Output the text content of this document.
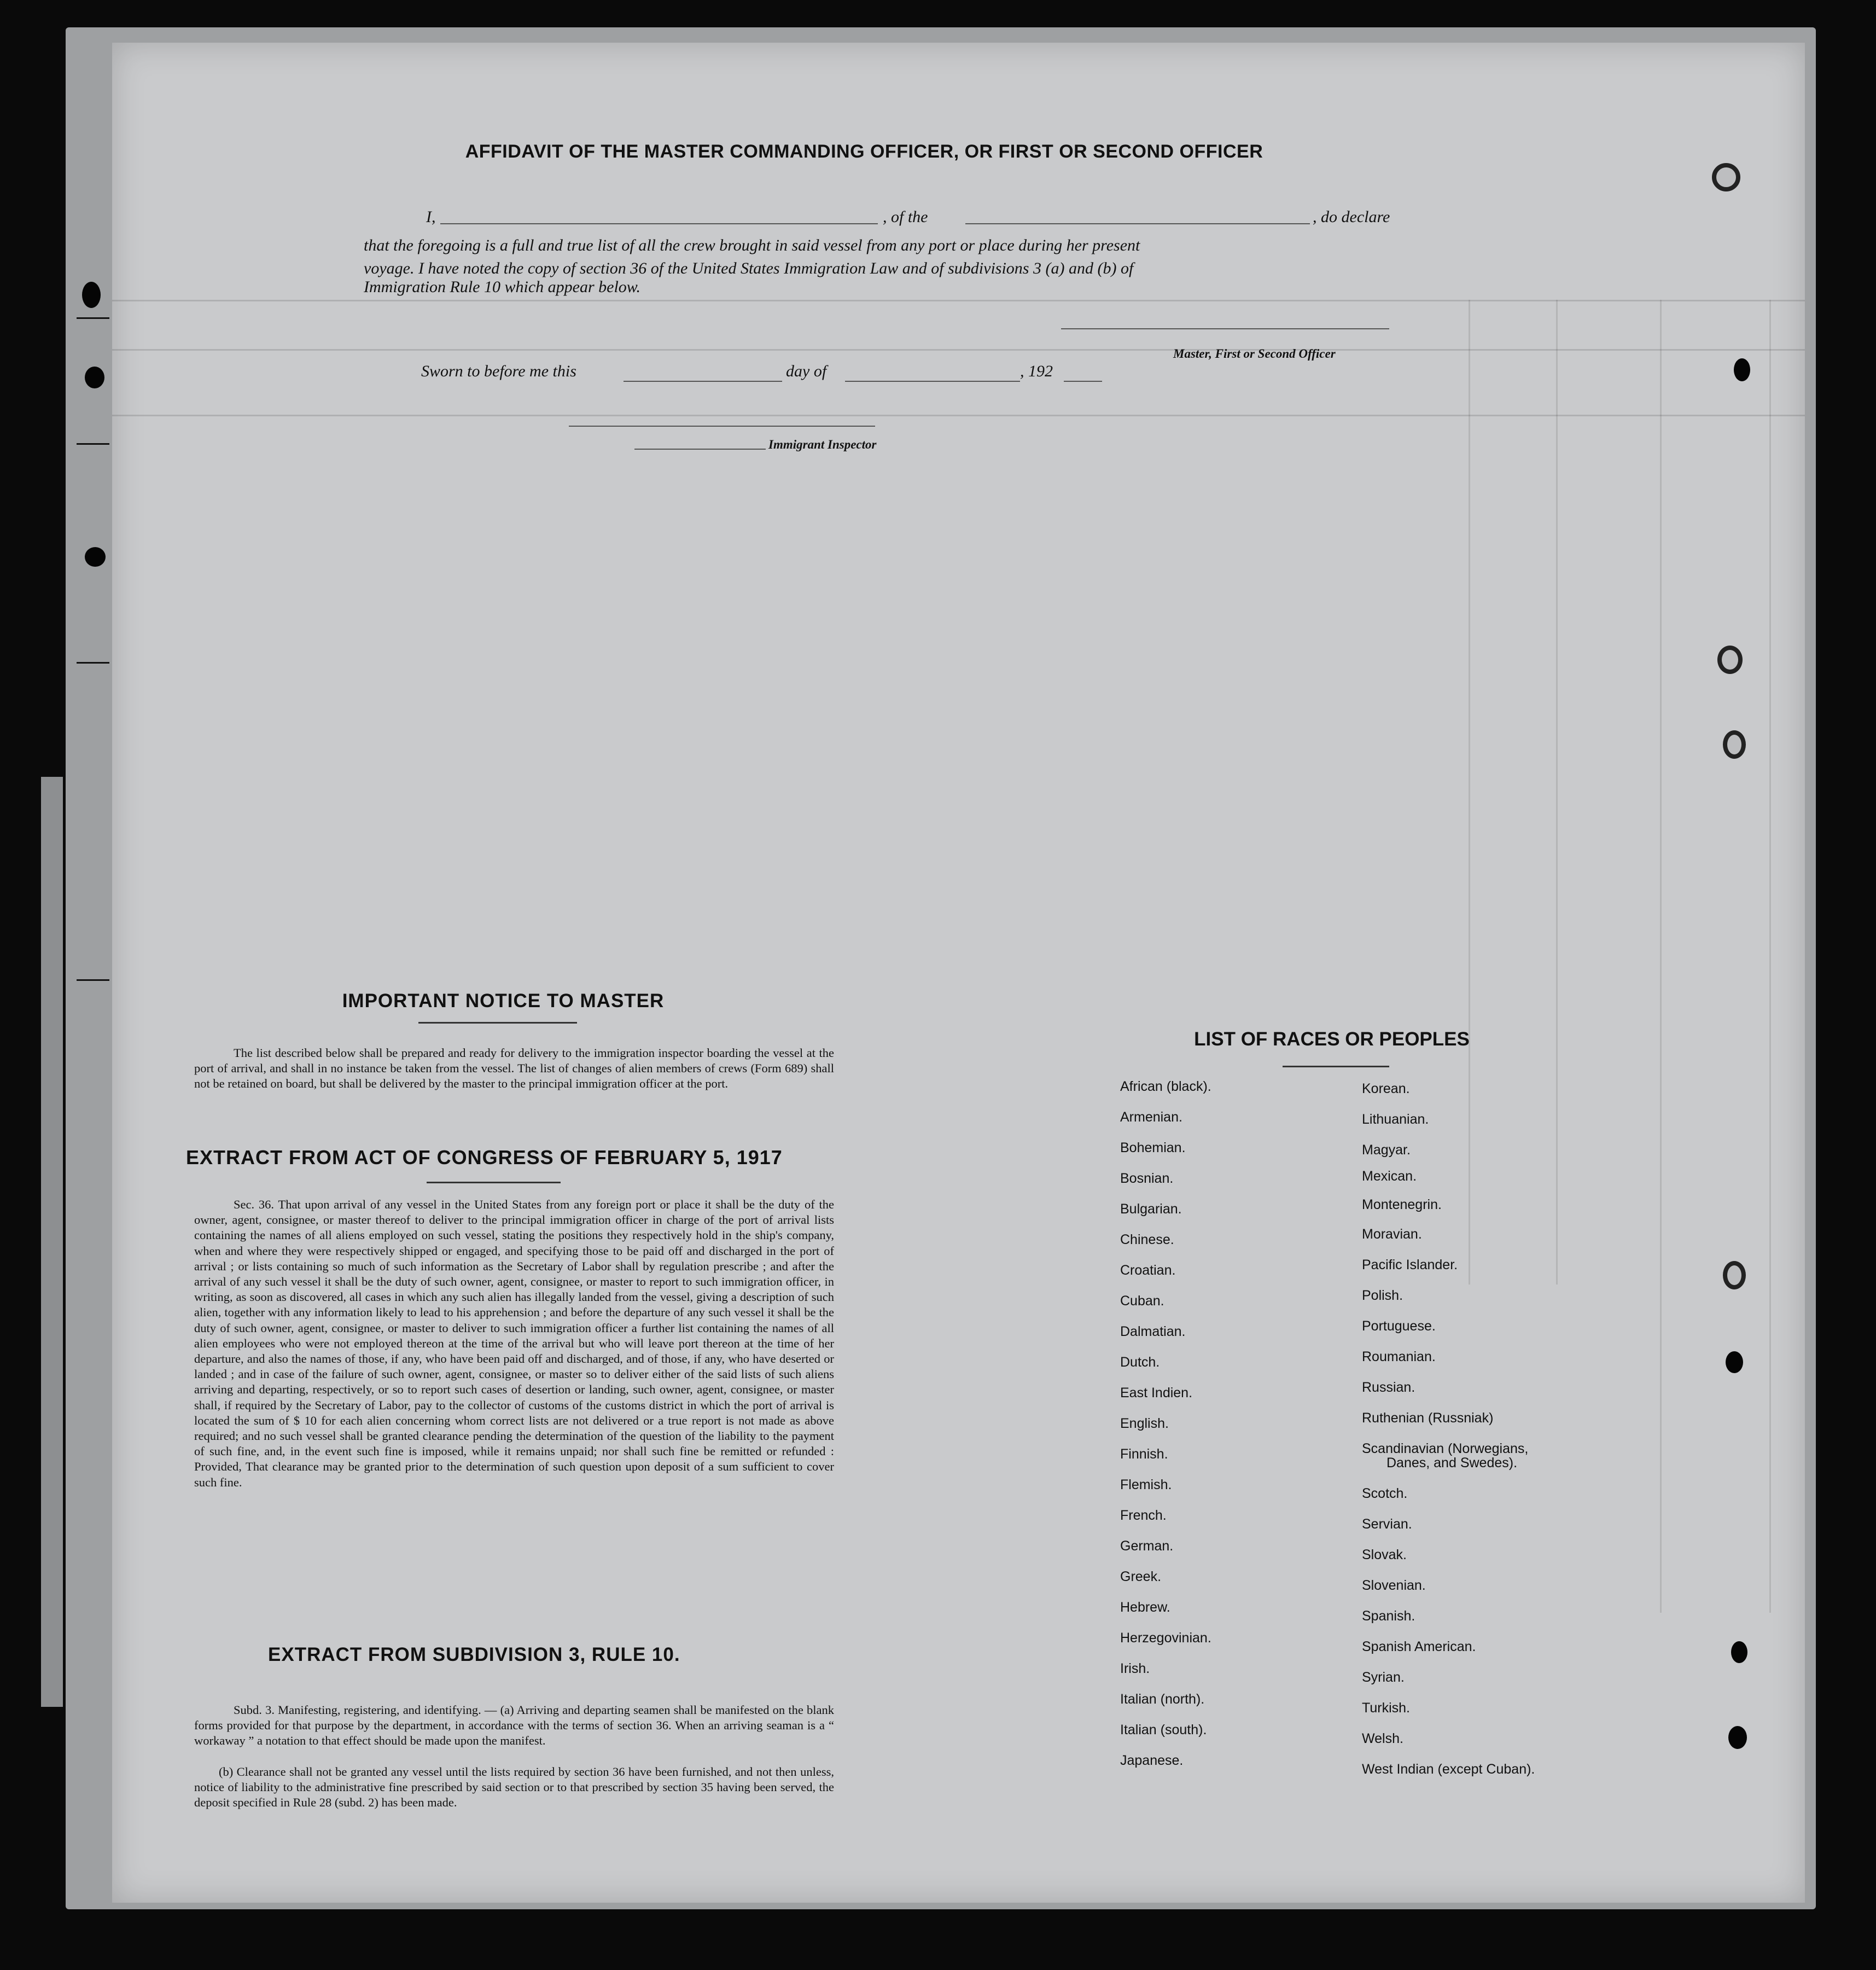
AFFIDAVIT OF THE MASTER COMMANDING OFFICER, OR FIRST OR SECOND OFFICER
I,	, of the	, do declare
that the foregoing is a full and true list of all the crew brought in said vessel from any port or place during her present
voyage. I have noted the copy of section 36 of the United States Immigration Law and of subdivisions 3 (a) and (b) of
Immigration Rule 10 which appear below.
Master, First or Second Officer
Sworn to before me this	day of	, 192
Immigrant Inspector
IMPORTANT NOTICE TO MASTER
The list described below shall be prepared and ready for delivery to the immigration inspector boarding the vessel at the port of arrival, and shall in no instance be taken from the vessel. The list of changes of alien members of crews (Form 689) shall not be retained on board, but shall be delivered by the master to the principal immigration officer at the port.
EXTRACT FROM ACT OF CONGRESS OF FEBRUARY 5, 1917
Sec. 36. That upon arrival of any vessel in the United States from any foreign port or place it shall be the duty of the owner, agent, consignee, or master thereof to deliver to the principal immigration officer in charge of the port of arrival lists containing the names of all aliens employed on such vessel, stating the positions they respectively hold in the ship's company, when and where they were respectively shipped or engaged, and specifying those to be paid off and discharged in the port of arrival ; or lists containing so much of such information as the Secretary of Labor shall by regulation prescribe ; and after the arrival of any such vessel it shall be the duty of such owner, agent, consignee, or master to report to such immigration officer, in writing, as soon as discovered, all cases in which any such alien has illegally landed from the vessel, giving a description of such alien, together with any information likely to lead to his apprehension ; and before the departure of any such vessel it shall be the duty of such owner, agent, consignee, or master to deliver to such immigration officer a further list containing the names of all alien employees who were not employed thereon at the time of the arrival but who will leave port thereon at the time of her departure, and also the names of those, if any, who have been paid off and discharged, and of those, if any, who have deserted or landed ; and in case of the failure of such owner, agent, consignee, or master so to deliver either of the said lists of such aliens arriving and departing, respectively, or so to report such cases of desertion or landing, such owner, agent, consignee, or master shall, if required by the Secretary of Labor, pay to the collector of customs of the customs district in which the port of arrival is located the sum of $ 10 for each alien concerning whom correct lists are not delivered or a true report is not made as above required; and no such vessel shall be granted clearance pending the determination of the question of the liability to the payment of such fine, and, in the event such fine is imposed, while it remains unpaid; nor shall such fine be remitted or refunded : Provided, That clearance may be granted prior to the determination of such question upon deposit of a sum sufficient to cover such fine.
EXTRACT FROM SUBDIVISION 3, RULE 10.
Subd. 3. Manifesting, registering, and identifying. — (a) Arriving and departing seamen shall be manifested on the blank forms provided for that purpose by the department, in accordance with the terms of section 36. When an arriving seaman is a “ workaway ” a notation to that effect should be made upon the manifest.
(b) Clearance shall not be granted any vessel until the lists required by section 36 have been furnished, and not then unless, notice of liability to the administrative fine prescribed by said section or to that prescribed by section 35 having been served, the deposit specified in Rule 28 (subd. 2) has been made.
LIST OF RACES OR PEOPLES
African (black).
Armenian.
Bohemian.
Bosnian.
Bulgarian.
Chinese.
Croatian.
Cuban.
Dalmatian.
Dutch.
East Indien.
English.
Finnish.
Flemish.
French.
German.
Greek.
Hebrew.
Herzegovinian.
Irish.
Italian (north).
Italian (south).
Japanese.
Korean.
Lithuanian.
Magyar.
Mexican.
Montenegrin.
Moravian.
Pacific Islander.
Polish.
Portuguese.
Roumanian.
Russian.
Ruthenian (Russniak)
Scandinavian (Norwegians,
Danes, and Swedes).
Scotch.
Servian.
Slovak.
Slovenian.
Spanish.
Spanish American.
Syrian.
Turkish.
Welsh.
West Indian (except Cuban).
